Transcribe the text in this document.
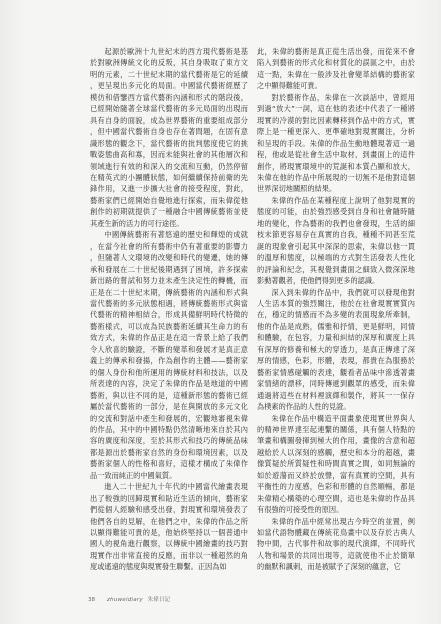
起源於歐洲十九世紀末的西方現代藝術是基於對歐洲傳統文化的反叛，其自身吸取了東方文明的元素，二十世紀末期的當代藝術是它的延續，更呈現出多元化的局面。中國當代藝術經歷了模仿和借鑒西方當代藝術內涵和形式的階段後，已經開始隨著全球當代藝術的多元局面的出現而具有自身的面貌，成為世界藝術的重要組成部分，但中國當代藝術自身也存在著問題，在固有意識形態的觀念下，當代藝術的批判態度使它的挑戰姿態曲高和寡，因而未能與社會的其他層次和領域進行有效的和深入的交流和互動，仍然停留在精英式的小團體狀態，如何繼續保持前衛的先鋒作用，又進一步擴大社會的接受程度，對此，藝術家們已經開始自覺地進行探索，而朱偉從他創作的初期就提供了一種融合中國傳統藝術並使其產生新的活力的可行途徑。

中國傳統藝術有著悠遠的歷史和輝煌的成就，在當今社會的所有藝術中仍有著重要的影響力，但隨著人文環境的改變和時代的變遷，她的傳承和發展在二十世紀後期遇到了困境，許多探索新出路的嘗試和努力並未產生決定性的轉機，而正是在二十世紀末期，傳統藝術的內涵和形式與當代藝術的多元狀態相遇，將傳統藝術形式與當代藝術的精神相結合，形成具備鮮明時代特徵的藝術樣式，可以成為民族藝術延續其生命力的有效方式，朱偉的作品正是在這一背景上給了我們令人欣喜的驗證，不斷的變革和發展才是真正意義上的傳承和發揚，作為創作的主體——藝術家的個人身份和他所運用的傳統材料和技法，以及所表達的內容，決定了朱偉的作品是地道的中國藝術，與以往不同的是，這種新形態的藝術已經屬於當代藝術的一部分，是在與開放的多元文化的交流和對話中產生和發展的，宏觀地審視朱偉的作品，其中的中國特點仍然清晰地來自於其內容的廣度和深度，至於其形式和技巧的傳統品味都是源出於藝術家自然的身份和環境因素，以及藝術家個人的性格和喜好，這樣才構成了朱偉作品一致而純正的中國氣質。

進入二十世紀九十年代的中國當代繪畫表現出了較強的回歸現實和貼近生活的傾向，藝術家們從個人經驗和感受出發，對現實和環境發表了他們各自的見解，在他們之中，朱偉的作品之所以顯得難能可貴的是，他始終堅持以一個普通中國人的視角進行觀察，以傳統中國繪畫的技巧對現實作出非常直接的反應，而非以一種超然的角度或遙遠的態度與現實發生聯繫。正因為如

此，朱偉的藝術是真正從生活出發，而從來不會陷入到藝術的形式化和材質化的誤區之中，由於這一點，朱偉在一般涉及社會變革結構的藝術家之中顯得難能可貴。

對於藝術作品，朱偉在一次談話中，曾經用到過“放大”一詞，這在他的表述中代表了一種將現實的冷漠的對比因素轉移到作品中的方式，實際上是一種更深入、更準確地對現實關注，分析和呈現的手段。朱偉的作品生動地體現著這一過程，他或是從社會生活中取材，到畫面上的這件創作，將現實環境中的荒誕和本質凸顯和放大，朱偉在他的作品中所展現的一切無不是他對這個世界深切地關照的結果。

朱偉的作品在某種程度上說明了他對現實的態度的可能，由於強烈感受到自身和社會隨時隨地的變化，作為藝術的我們也會發現，生活的細枝末節更容易存在真實的自我，種種不同甚至荒誕的現象會引起其中深深的思索，朱偉以他一貫的溫厚和態度，以極端的方式對生活發表人性化的評論和紀念，其視覺到畫面之細致入微深深地影動著觀者，使他們得到更多的認識。

深入到朱偉的作品中，我們就可以發現他對人生活本質的強烈關注，他於在社會現實實質內在，穩定的情感而不為多變的表面現象所牽制，他的作品是成熟，儒雅和抒情，更是鮮明，同情和體驗，在包容，力量和糾結的深厚和廣度上具有深厚的修養和極大的穿透力，是真正傳達了深厚的情感，色彩，形體，表現，都貴在為服務於藝術家情感碰觸的表達，觀看者品味中滲透著畫家情緒的漂移，同時傳遞到觀眾的感受，而朱偉通過將這些在材料裡演繹和製作，將其一一保存為樸素的作品的人性的見證。

朱偉在作品中構造平面畫象使現實世界與人的精神世界達至起連繫的關係，具有個人特點的筆畫和構圖發揮到極大的作用，畫像的含意和超越給於人以深刻的感觸，歷史和本分的超越，畫像質疑於所質疑性和時間真實之間，如同無論的如於遊蕩而又終於放聲，富有真實的空間，具有平衡性的力度感，色彩和形體的自然順暢，都是朱偉精心構築的心理空間，這也是朱偉的作品具有很強的可接受性的原因。

朱偉的作品中經常出現古今時空的並置，例如當代語物體藏在傳統花鳥畫中以及存於古典人物中間，古代事件和故事的現代演繹，不同時代人物和場景的共同出現等，這就使他不止於簡單的幽默和諷刺，而是被賦予了深刻的蘊意，它

38 zhuweidiary 朱偉日記
